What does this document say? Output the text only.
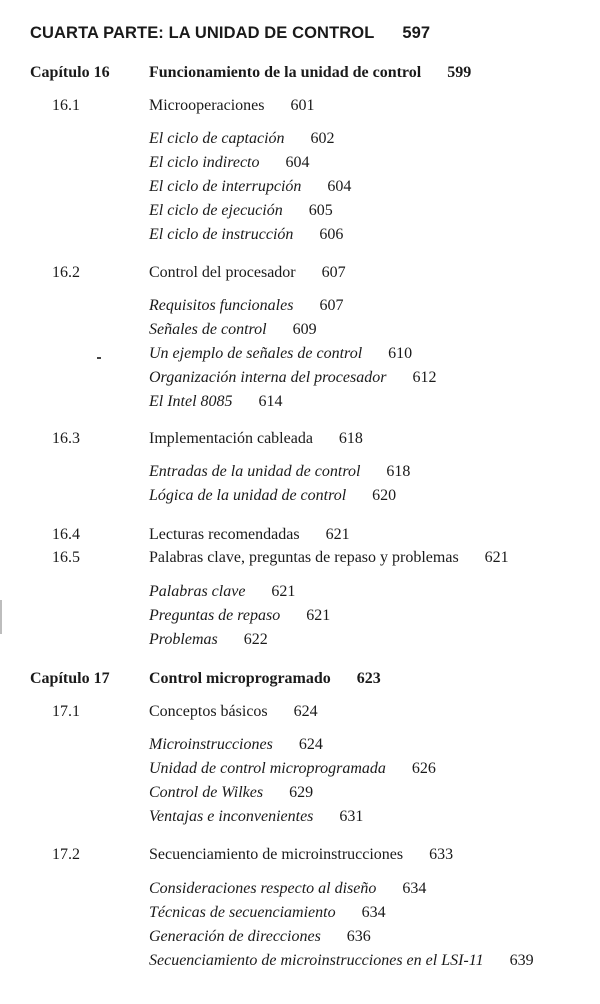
CUARTA PARTE: LA UNIDAD DE CONTROL 597
Capítulo 16 Funcionamiento de la unidad de control 599
16.1	Microoperaciones 601
El ciclo de captación 602
El ciclo indirecto 604
El ciclo de interrupción 604
El ciclo de ejecución 605
El ciclo de instrucción 606
16.2	Control del procesador 607
Requisitos funcionales 607
Señales de control 609
Un ejemplo de señales de control 610
Organización interna del procesador 612
El Intel 8085 614
16.3	Implementación cableada 618
Entradas de la unidad de control 618
Lógica de la unidad de control 620
16.4	Lecturas recomendadas 621
16.5	Palabras clave, preguntas de repaso y problemas 621
Palabras clave 621
Preguntas de repaso 621
Problemas 622
Capítulo 17 Control microprogramado 623
17.1	Conceptos básicos 624
Microinstrucciones 624
Unidad de control microprogramada 626
Control de Wilkes 629
Ventajas e inconvenientes 631
17.2	Secuenciamiento de microinstrucciones 633
Consideraciones respecto al diseño 634
Técnicas de secuenciamiento 634
Generación de direcciones 636
Secuenciamiento de microinstrucciones en el LSI-11 639
